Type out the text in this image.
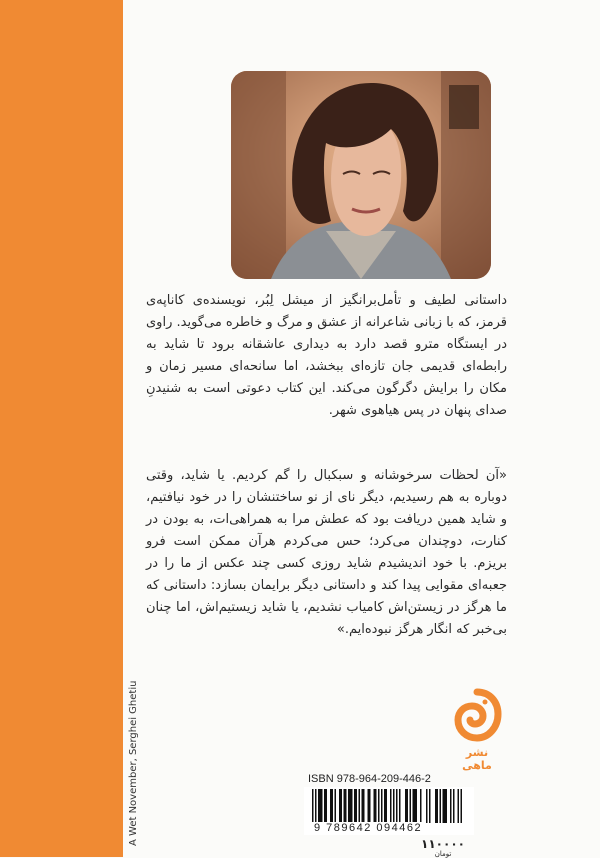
A Wet November, Serghei Ghetiu

داستانی لطیف و تأمل‌برانگیز از میشل لِبُر، نویسنده‌ی کاناپه‌ی قرمز، که با زبانی شاعرانه از عشق و مرگ و خاطره می‌گوید. راوی در ایستگاه مترو قصد دارد به دیداری عاشقانه برود تا شاید به رابطه‌ای قدیمی جان تازه‌ای ببخشد، اما سانحه‌ای مسیر زمان و مکان را برایش دگرگون می‌کند. این کتاب دعوتی است به شنیدنِ صدای پنهان در پس هیاهوی شهر.

«آن لحظات سرخوشانه و سبکبال را گم کردیم. یا شاید، وقتی دوباره به هم رسیدیم، دیگر نای از نو ساختنشان را در خود نیافتیم، و شاید همین دریافت بود که عطش مرا به همراهی‌ات، به بودن در کنارت، دوچندان می‌کرد؛ حس می‌کردم هرآن ممکن است فرو بریزم. با خود اندیشیدم شاید روزی کسی چند عکس از ما را در جعبه‌ای مقوایی پیدا کند و داستانی دیگر برایمان بسازد: داستانی که ما هرگز در زیستن‌اش کامیاب نشدیم، یا شاید زیستیم‌اش، اما چنان بی‌خبر که انگار هرگز نبوده‌ایم.»

نشر ماهی
ISBN 978-964-209-446-2
9 789642 094462
۱۱۰۰۰۰
تومان
